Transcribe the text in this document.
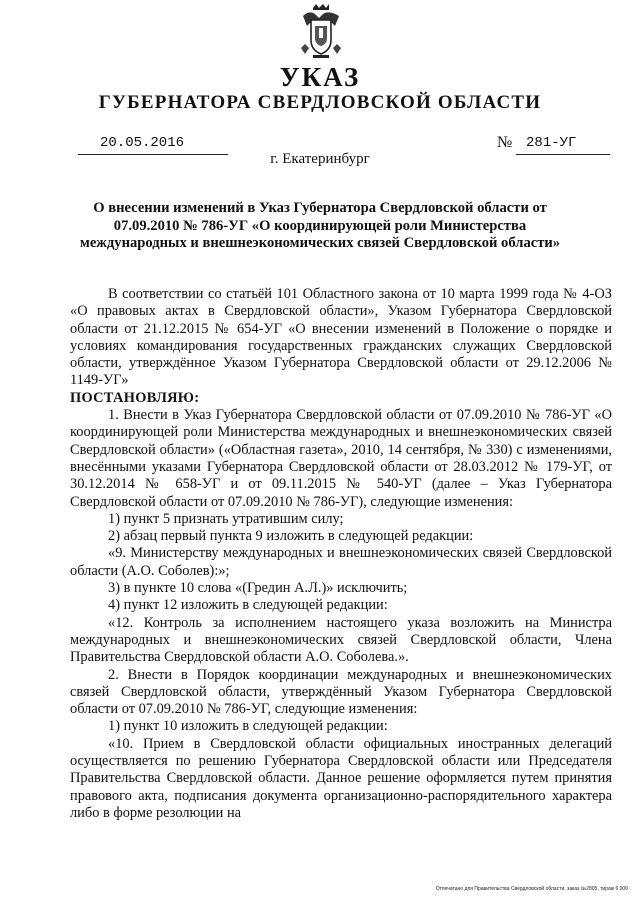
УКАЗ
ГУБЕРНАТОРА СВЕРДЛОВСКОЙ ОБЛАСТИ
20.05.2016	№ 281-УГ
г. Екатеринбург
О внесении изменений в Указ Губернатора Свердловской области от 07.09.2010 № 786-УГ «О координирующей роли Министерства международных и внешнеэкономических связей Свердловской области»

В соответствии со статьёй 101 Областного закона от 10 марта 1999 года № 4-ОЗ «О правовых актах в Свердловской области», Указом Губернатора Свердловской области от 21.12.2015 № 654-УГ «О внесении изменений в Положение о порядке и условиях командирования государственных гражданских служащих Свердловской области, утверждённое Указом Губернатора Свердловской области от 29.12.2006 № 1149-УГ»

ПОСТАНОВЛЯЮ:

1. Внести в Указ Губернатора Свердловской области от 07.09.2010 № 786-УГ «О координирующей роли Министерства международных и внешнеэкономических связей Свердловской области» («Областная газета», 2010, 14 сентября, № 330) с изменениями, внесёнными указами Губернатора Свердловской области от 28.03.2012 № 179-УГ, от 30.12.2014 № 658-УГ и от 09.11.2015 № 540-УГ (далее – Указ Губернатора Свердловской области от 07.09.2010 № 786-УГ), следующие изменения:

1) пункт 5 признать утратившим силу;

2) абзац первый пункта 9 изложить в следующей редакции:

«9. Министерству международных и внешнеэкономических связей Свердловской области (А.О. Соболев):»;

3) в пункте 10 слова «(Гредин А.Л.)» исключить;

4) пункт 12 изложить в следующей редакции:

«12. Контроль за исполнением настоящего указа возложить на Министра международных и внешнеэкономических связей Свердловской области, Члена Правительства Свердловской области А.О. Соболева.».

2. Внести в Порядок координации международных и внешнеэкономических связей Свердловской области, утверждённый Указом Губернатора Свердловской области от 07.09.2010 № 786-УГ, следующие изменения:

1) пункт 10 изложить в следующей редакции:

«10. Прием в Свердловской области официальных иностранных делегаций осуществляется по решению Губернатора Свердловской области или Председателя Правительства Свердловской области. Данное решение оформляется путем принятия правового акта, подписания документа организационно-распорядительного характера либо в форме резолюции на

Отпечатано для Правительства Свердловской области, заказ №2805, тираж 6 000
